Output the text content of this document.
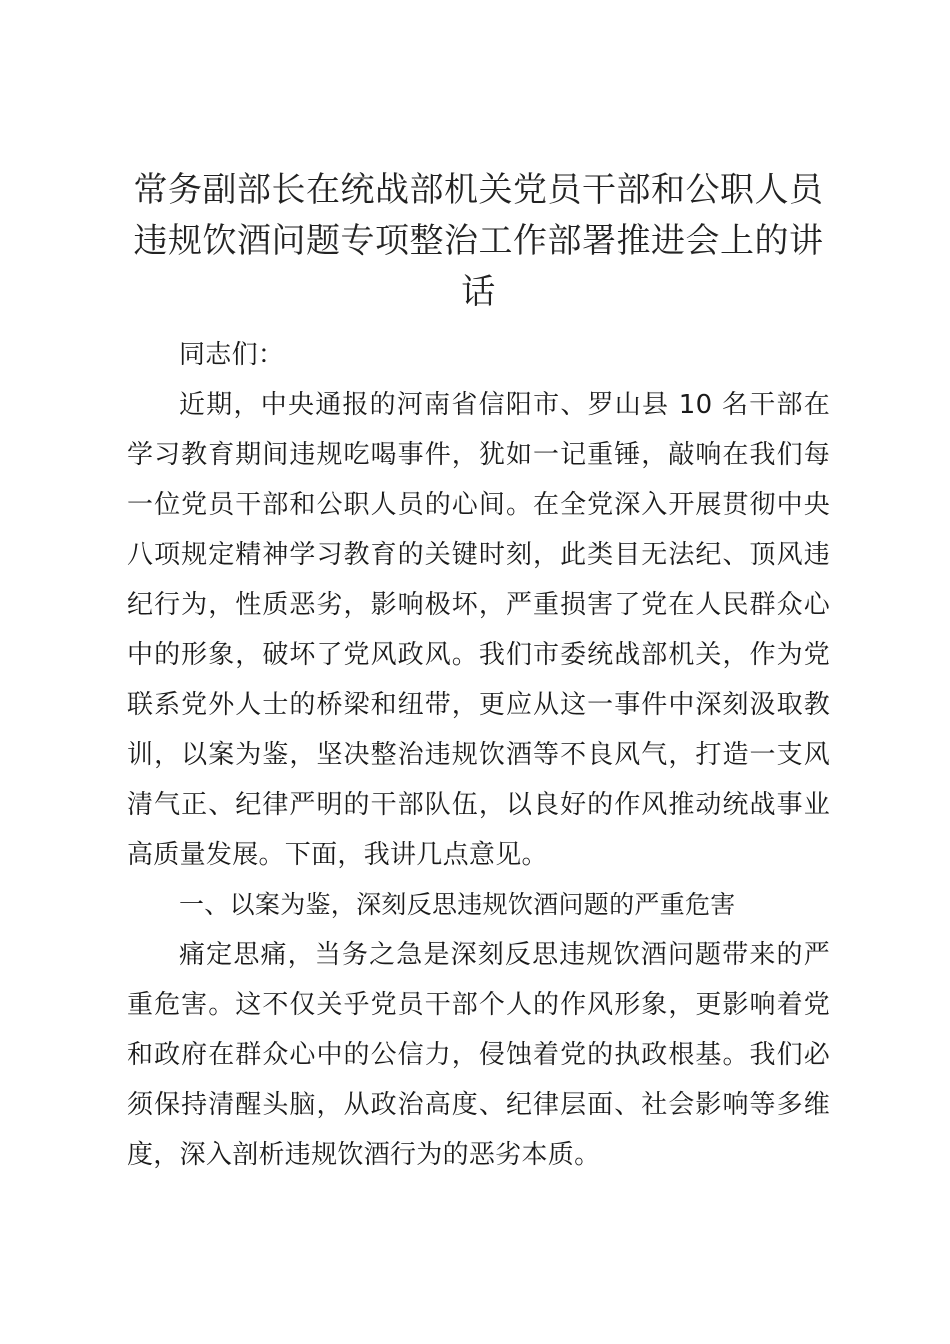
常务副部长在统战部机关党员干部和公职人员
违规饮酒问题专项整治工作部署推进会上的讲
话

同志们：

近期，中央通报的河南省信阳市、罗山县 10 名干部在学习教育期间违规吃喝事件，犹如一记重锤，敲响在我们每一位党员干部和公职人员的心间。在全党深入开展贯彻中央八项规定精神学习教育的关键时刻，此类目无法纪、顶风违纪行为，性质恶劣，影响极坏，严重损害了党在人民群众心中的形象，破坏了党风政风。我们市委统战部机关，作为党联系党外人士的桥梁和纽带，更应从这一事件中深刻汲取教训，以案为鉴，坚决整治违规饮酒等不良风气，打造一支风清气正、纪律严明的干部队伍，以良好的作风推动统战事业高质量发展。下面，我讲几点意见。

一、以案为鉴，深刻反思违规饮酒问题的严重危害

痛定思痛，当务之急是深刻反思违规饮酒问题带来的严重危害。这不仅关乎党员干部个人的作风形象，更影响着党和政府在群众心中的公信力，侵蚀着党的执政根基。我们必须保持清醒头脑，从政治高度、纪律层面、社会影响等多维度，深入剖析违规饮酒行为的恶劣本质。
